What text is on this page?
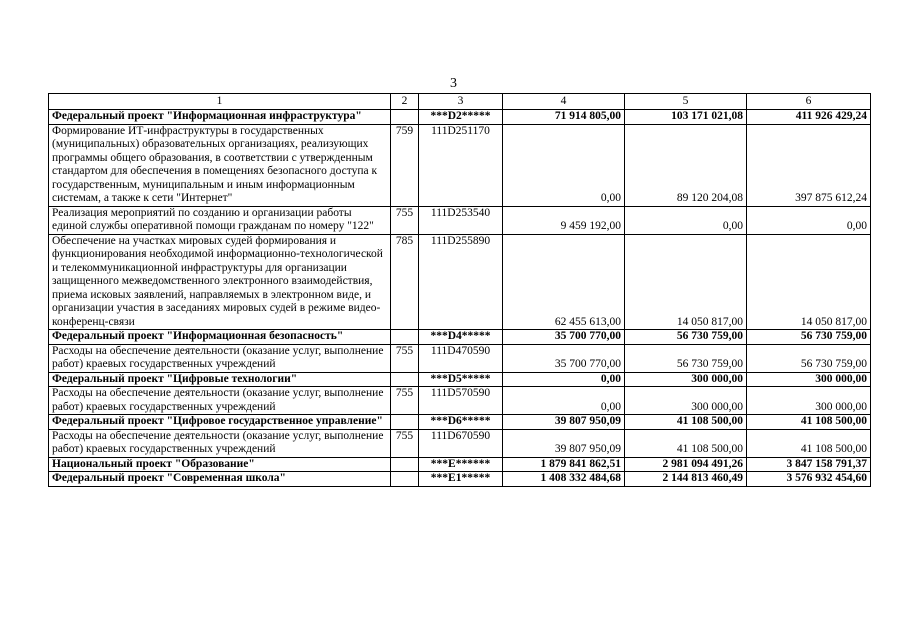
3
1	2	3	4	5	6
Федеральный проект "Информационная инфраструктура"		***D2*****	71 914 805,00	103 171 021,08	411 926 429,24
Формирование ИТ-инфраструктуры в государственных (муниципальных) образовательных организациях, реализующих программы общего образования, в соответствии с утвержденным стандартом для обеспечения в помещениях безопасного доступа к государственным, муниципальным и иным информационным системам, а также к сети "Интернет"	759	111D251170	0,00	89 120 204,08	397 875 612,24
Реализация мероприятий по созданию и организации работы единой службы оперативной помощи гражданам по номеру "122"	755	111D253540	9 459 192,00	0,00	0,00
Обеспечение на участках мировых судей формирования и функционирования необходимой информационно-технологической и телекоммуникационной инфраструктуры для организации защищенного межведомственного электронного взаимодействия, приема исковых заявлений, направляемых в электронном виде, и организации участия в заседаниях мировых судей в режиме видео-конференц-связи	785	111D255890	62 455 613,00	14 050 817,00	14 050 817,00
Федеральный проект "Информационная безопасность"		***D4*****	35 700 770,00	56 730 759,00	56 730 759,00
Расходы на обеспечение деятельности (оказание услуг, выполнение работ) краевых государственных учреждений	755	111D470590	35 700 770,00	56 730 759,00	56 730 759,00
Федеральный проект "Цифровые технологии"		***D5*****	0,00	300 000,00	300 000,00
Расходы на обеспечение деятельности (оказание услуг, выполнение работ) краевых государственных учреждений	755	111D570590	0,00	300 000,00	300 000,00
Федеральный проект "Цифровое государственное управление"		***D6*****	39 807 950,09	41 108 500,00	41 108 500,00
Расходы на обеспечение деятельности (оказание услуг, выполнение работ) краевых государственных учреждений	755	111D670590	39 807 950,09	41 108 500,00	41 108 500,00
Национальный проект "Образование"		***E******	1 879 841 862,51	2 981 094 491,26	3 847 158 791,37
Федеральный проект "Современная школа"		***E1*****	1 408 332 484,68	2 144 813 460,49	3 576 932 454,60
